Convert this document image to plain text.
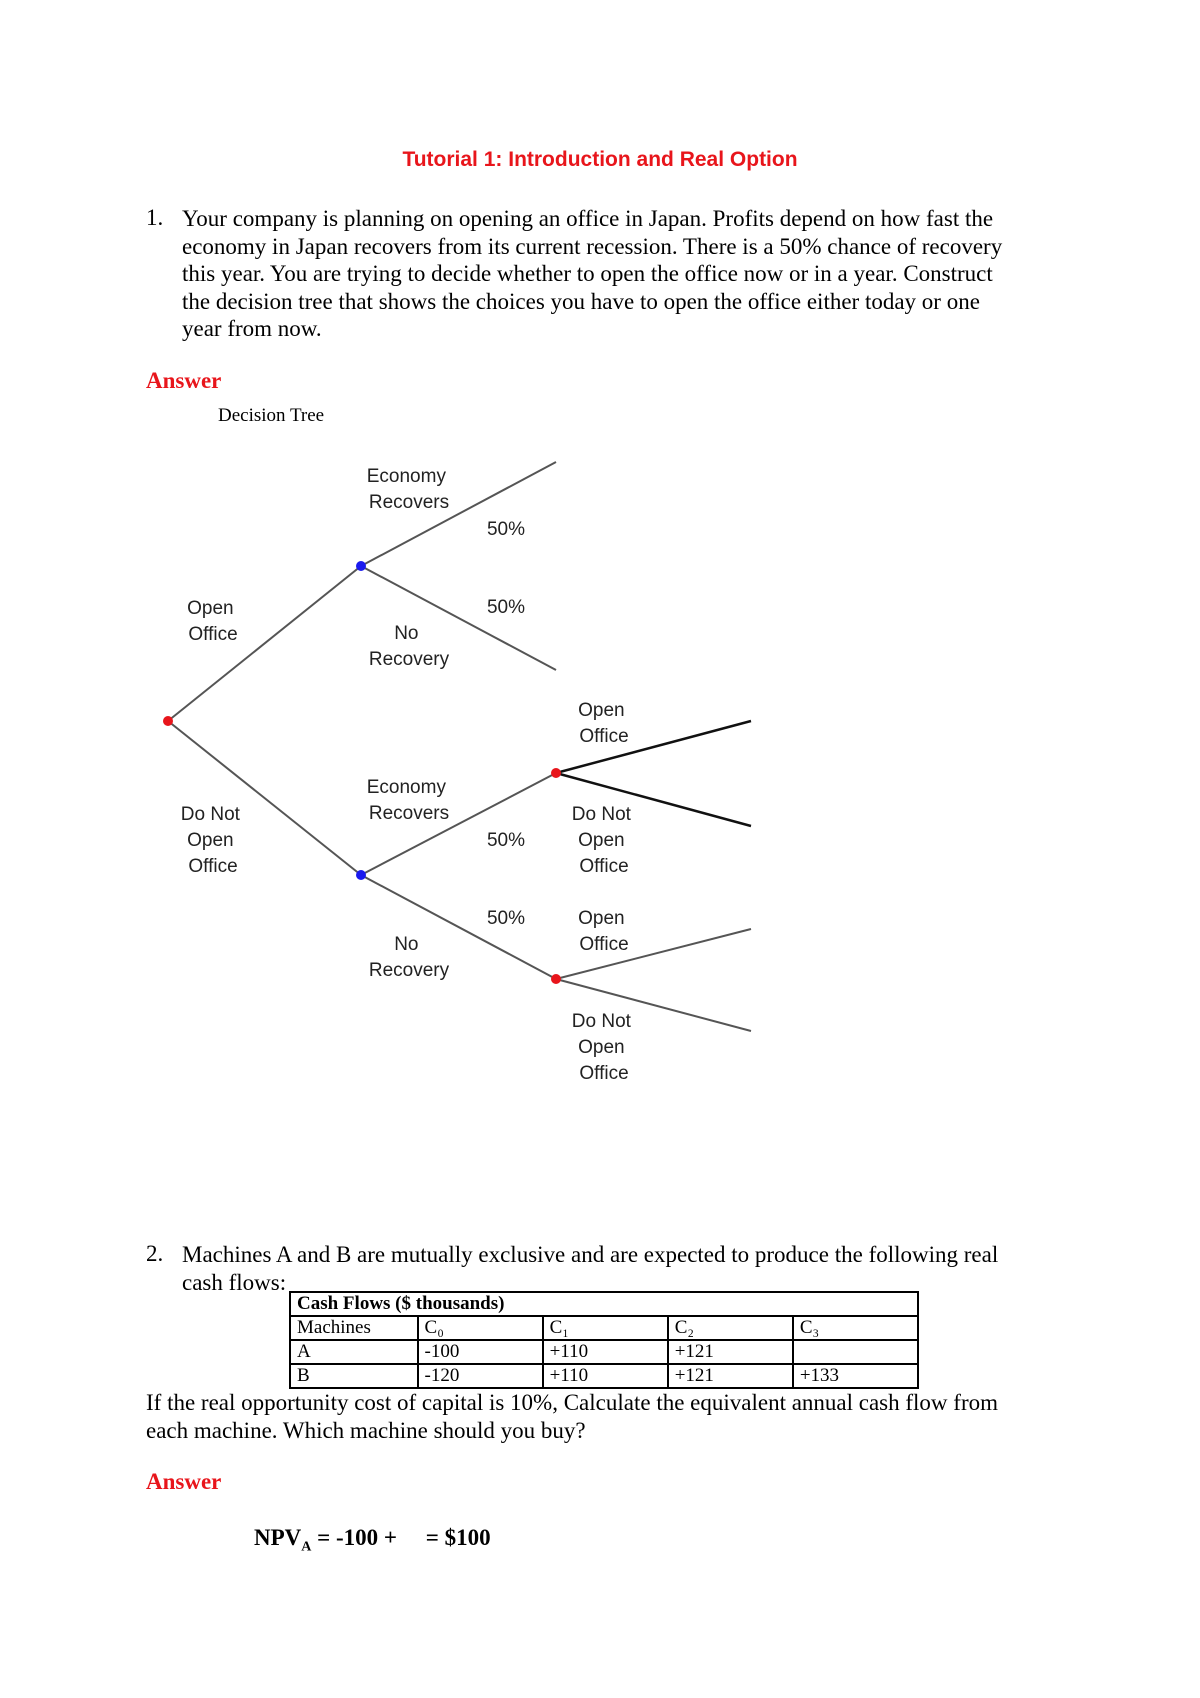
Tutorial 1: Introduction and Real Option
1. Your company is planning on opening an office in Japan. Profits depend on how fast the
economy in Japan recovers from its current recession. There is a 50% chance of recovery
this year. You are trying to decide whether to open the office now or in a year. Construct
the decision tree that shows the choices you have to open the office either today or one
year from now.
Answer
Decision Tree
Open Office
Do Not Open Office
Economy Recovers
50%
50%
No Recovery
Open Office
Economy Recovers	Do Not Open Office
50%
50%
No Recovery
Open Office
Do Not Open Office
2. Machines A and B are mutually exclusive and are expected to produce the following real
cash flows:
Cash Flows ($ thousands)				
Machines	C₀	C₁	C₂	C₃
A	-100	+110	+121	
B	-120	+110	+121	+133
If the real opportunity cost of capital is 10%, Calculate the equivalent annual cash flow from
each machine. Which machine should you buy?
Answer
$NPV_A = -100$ +     = $100
